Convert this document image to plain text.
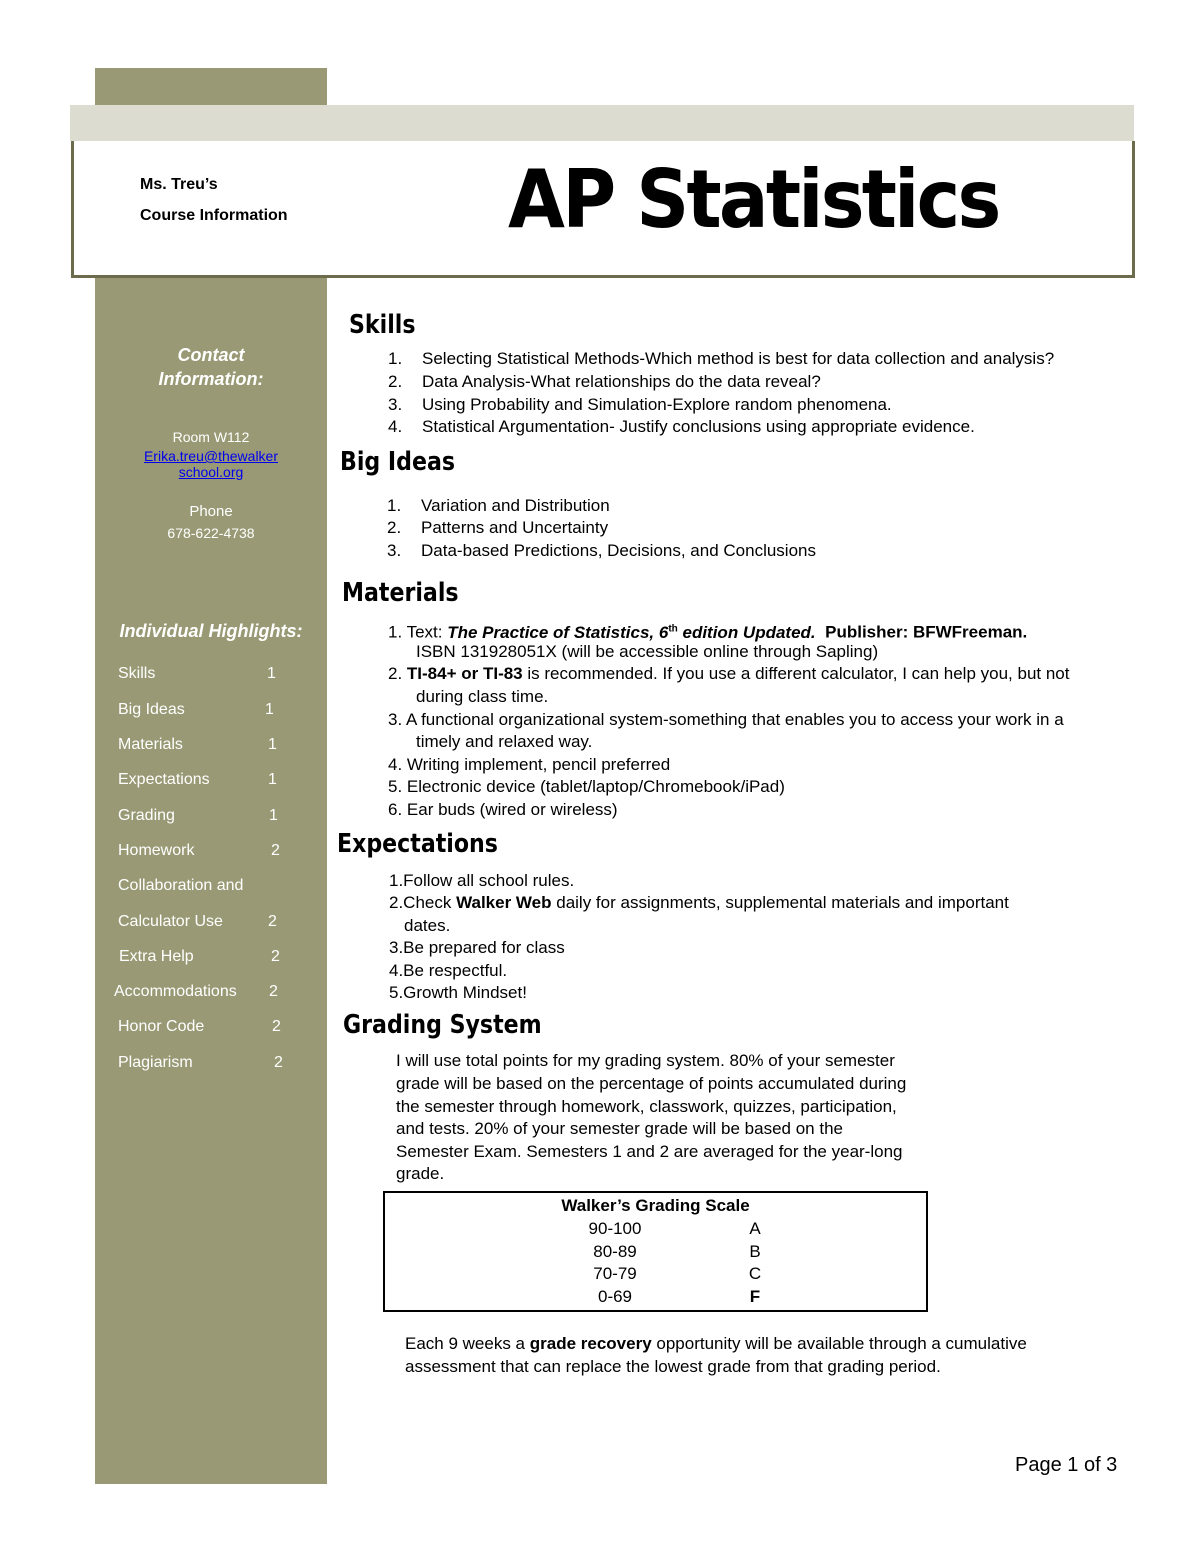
Ms. Treu’s
Course Information	AP Statistics
Contact
Information:
Room W112
Erika.treu@thewalker
school.org
Phone
678-622-4738
Individual Highlights:
Skills	1
Big Ideas	1
Materials	1
Expectations	1
Grading	1
Homework	2
Collaboration and
Calculator Use	2
Extra Help	2
Accommodations 2
Honor Code	2
Plagiarism	2
Skills
1. Selecting Statistical Methods-Which method is best for data collection and analysis?
2. Data Analysis-What relationships do the data reveal?
3. Using Probability and Simulation-Explore random phenomena.
4. Statistical Argumentation- Justify conclusions using appropriate evidence.
Big Ideas
1. Variation and Distribution
2. Patterns and Uncertainty
3. Data-based Predictions, Decisions, and Conclusions
Materials
1. Text: The Practice of Statistics, 6th edition Updated. Publisher: BFWFreeman.
ISBN 131928051X (will be accessible online through Sapling)
2. TI-84+ or TI-83 is recommended. If you use a different calculator, I can help you, but not
during class time.
3. A functional organizational system-something that enables you to access your work in a
timely and relaxed way.
4. Writing implement, pencil preferred
5. Electronic device (tablet/laptop/Chromebook/iPad)
6. Ear buds (wired or wireless)
Expectations
1.Follow all school rules.
2.Check Walker Web daily for assignments, supplemental materials and important
dates.
3.Be prepared for class
4.Be respectful.
5.Growth Mindset!
Grading System
I will use total points for my grading system. 80% of your semester
grade will be based on the percentage of points accumulated during
the semester through homework, classwork, quizzes, participation,
and tests. 20% of your semester grade will be based on the
Semester Exam. Semesters 1 and 2 are averaged for the year-long
grade.
Walker’s Grading Scale
90-100	A
80-89	B
70-79	C
0-69	F
Each 9 weeks a grade recovery opportunity will be available through a cumulative
assessment that can replace the lowest grade from that grading period.
Page 1 of 3
